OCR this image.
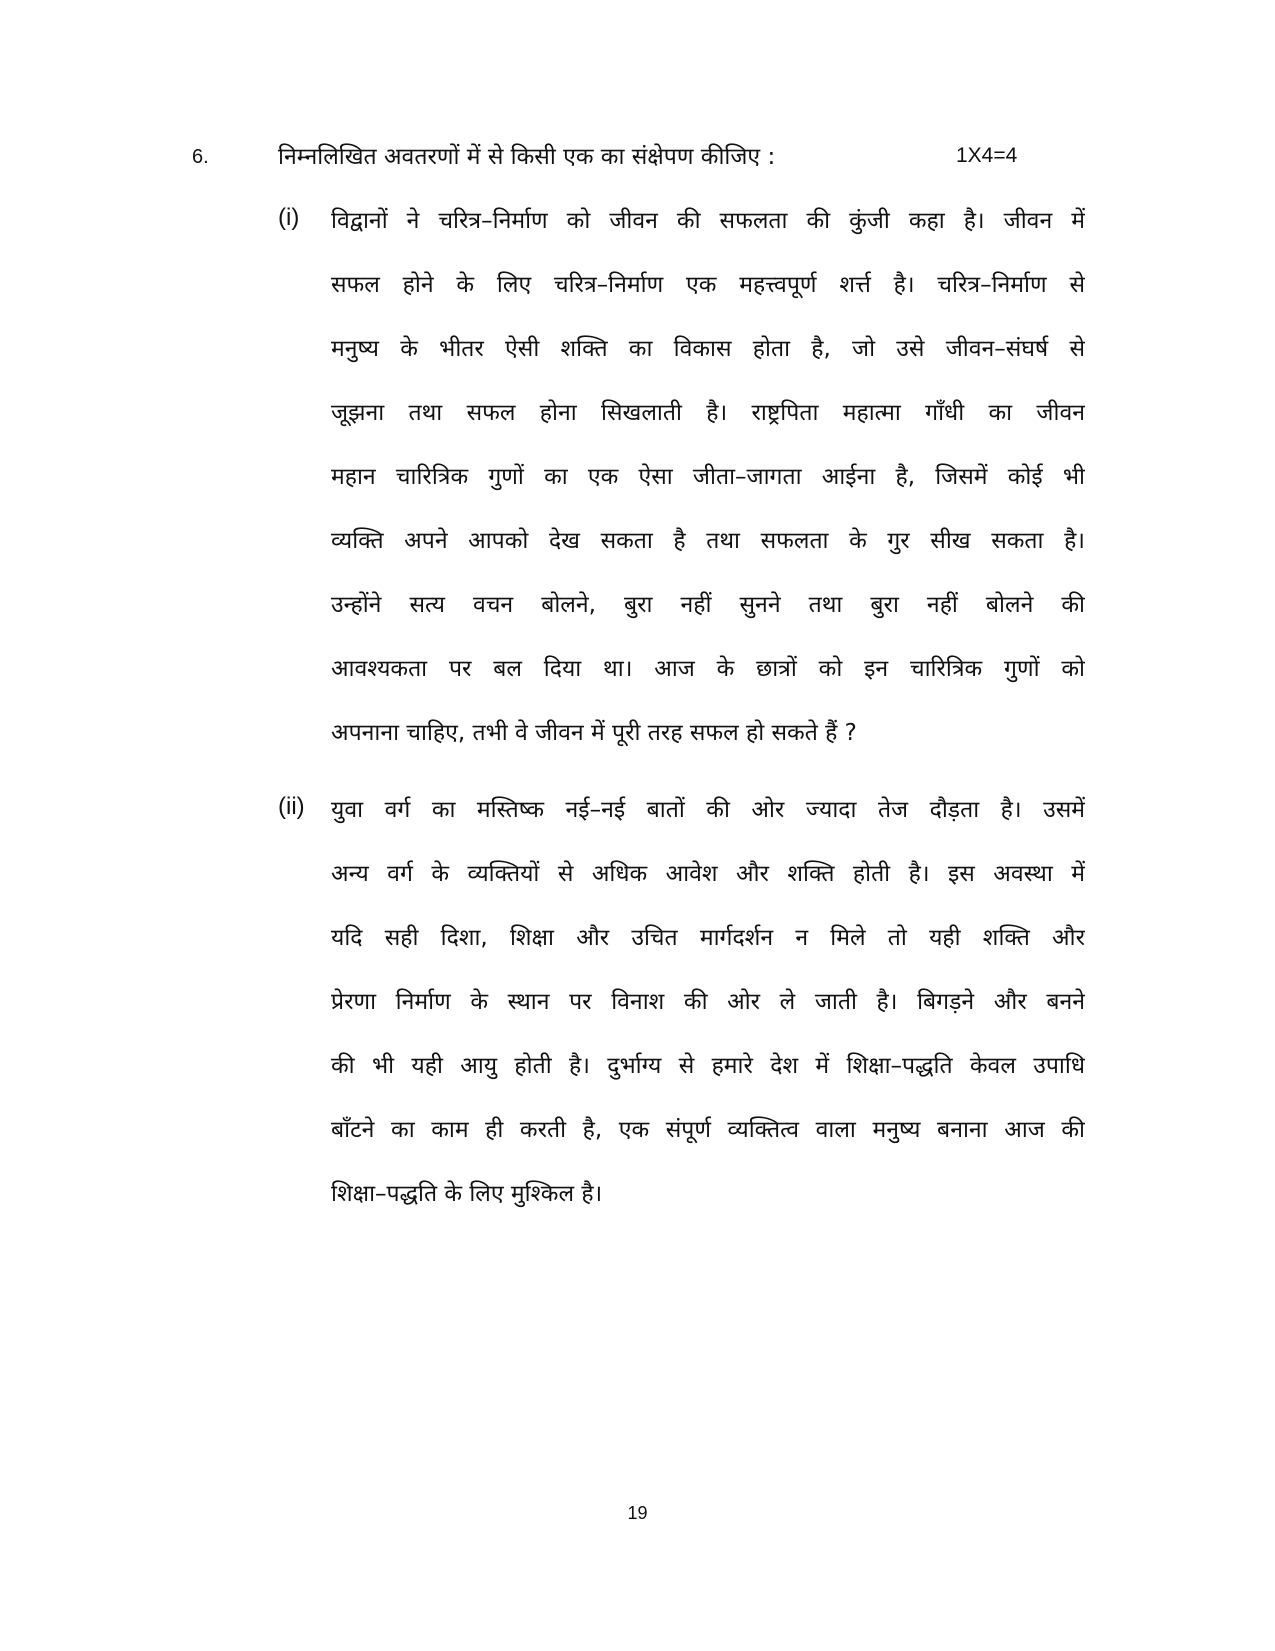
6.	निम्नलिखित अवतरणों में से किसी एक का संक्षेपण कीजिए :	1X4=4
(i) विद्वानों ने चरित्र–निर्माण को जीवन की सफलता की कुंजी कहा है। जीवन में
सफल होने के लिए चरित्र–निर्माण एक महत्त्वपूर्ण शर्त्त है। चरित्र–निर्माण से
मनुष्य के भीतर ऐसी शक्ति का विकास होता है, जो उसे जीवन–संघर्ष से
जूझना तथा सफल होना सिखलाती है। राष्ट्रपिता महात्मा गाँधी का जीवन
महान चारित्रिक गुणों का एक ऐसा जीता–जागता आईना है, जिसमें कोई भी
व्यक्ति अपने आपको देख सकता है तथा सफलता के गुर सीख सकता है।
उन्होंने सत्य वचन बोलने, बुरा नहीं सुनने तथा बुरा नहीं बोलने की
आवश्यकता पर बल दिया था। आज के छात्रों को इन चारित्रिक गुणों को
अपनाना चाहिए, तभी वे जीवन में पूरी तरह सफल हो सकते हैं ?
(ii) युवा वर्ग का मस्तिष्क नई–नई बातों की ओर ज्यादा तेज दौड़ता है। उसमें
अन्य वर्ग के व्यक्तियों से अधिक आवेश और शक्ति होती है। इस अवस्था में
यदि सही दिशा, शिक्षा और उचित मार्गदर्शन न मिले तो यही शक्ति और
प्रेरणा निर्माण के स्थान पर विनाश की ओर ले जाती है। बिगड़ने और बनने
की भी यही आयु होती है। दुर्भाग्य से हमारे देश में शिक्षा–पद्धति केवल उपाधि
बाँटने का काम ही करती है, एक संपूर्ण व्यक्तित्व वाला मनुष्य बनाना आज की
शिक्षा–पद्धति के लिए मुश्किल है।
19
